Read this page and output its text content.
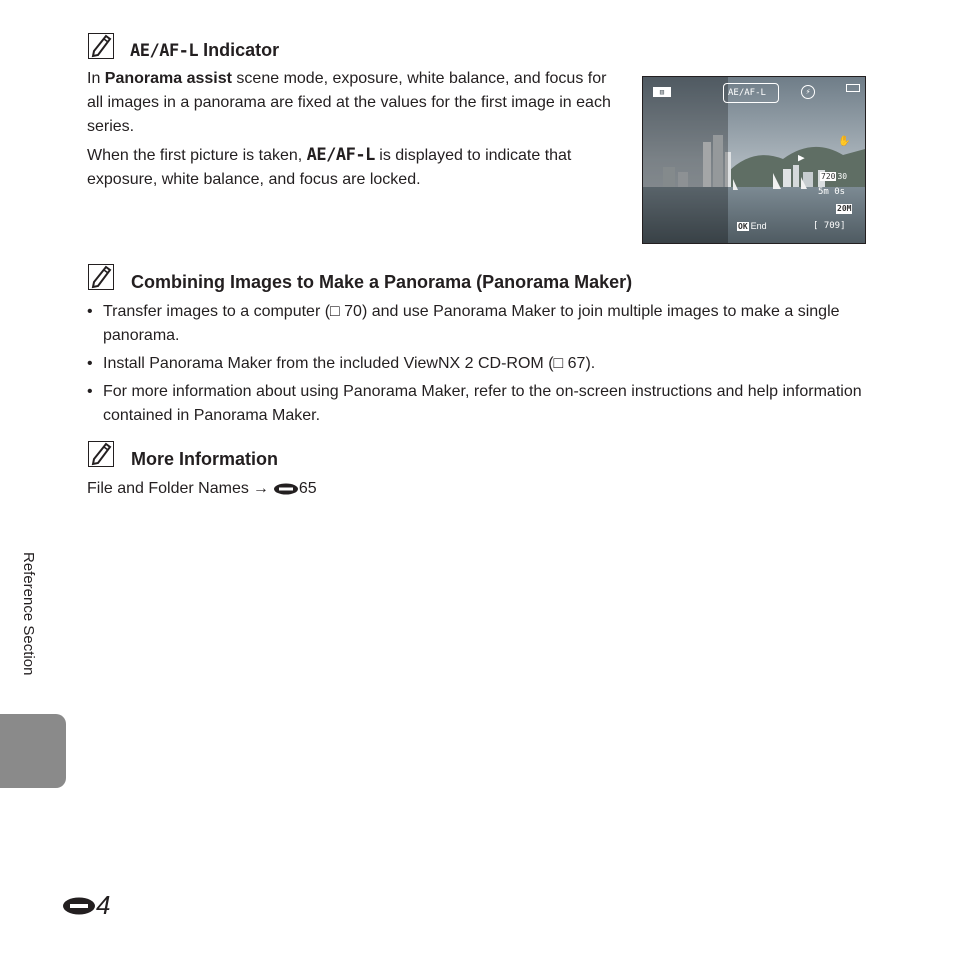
AE/AF-L Indicator
In Panorama assist scene mode, exposure, white balance, and focus for all images in a panorama are fixed at the values for the first image in each series.
When the first picture is taken, AE/AF-L is displayed to indicate that exposure, white balance, and focus are locked.
▥	AE/AF-L	⚡
▶
✋
720 30
5m 0s
20M
OK End	[ 709]
Combining Images to Make a Panorama (Panorama Maker)
• Transfer images to a computer (□ 70) and use Panorama Maker to join multiple images to make a single panorama.
• Install Panorama Maker from the included ViewNX 2 CD-ROM (□ 67).
• For more information about using Panorama Maker, refer to the on-screen instructions and help information contained in Panorama Maker.
More Information
File and Folder Names → 65
Reference Section
4
